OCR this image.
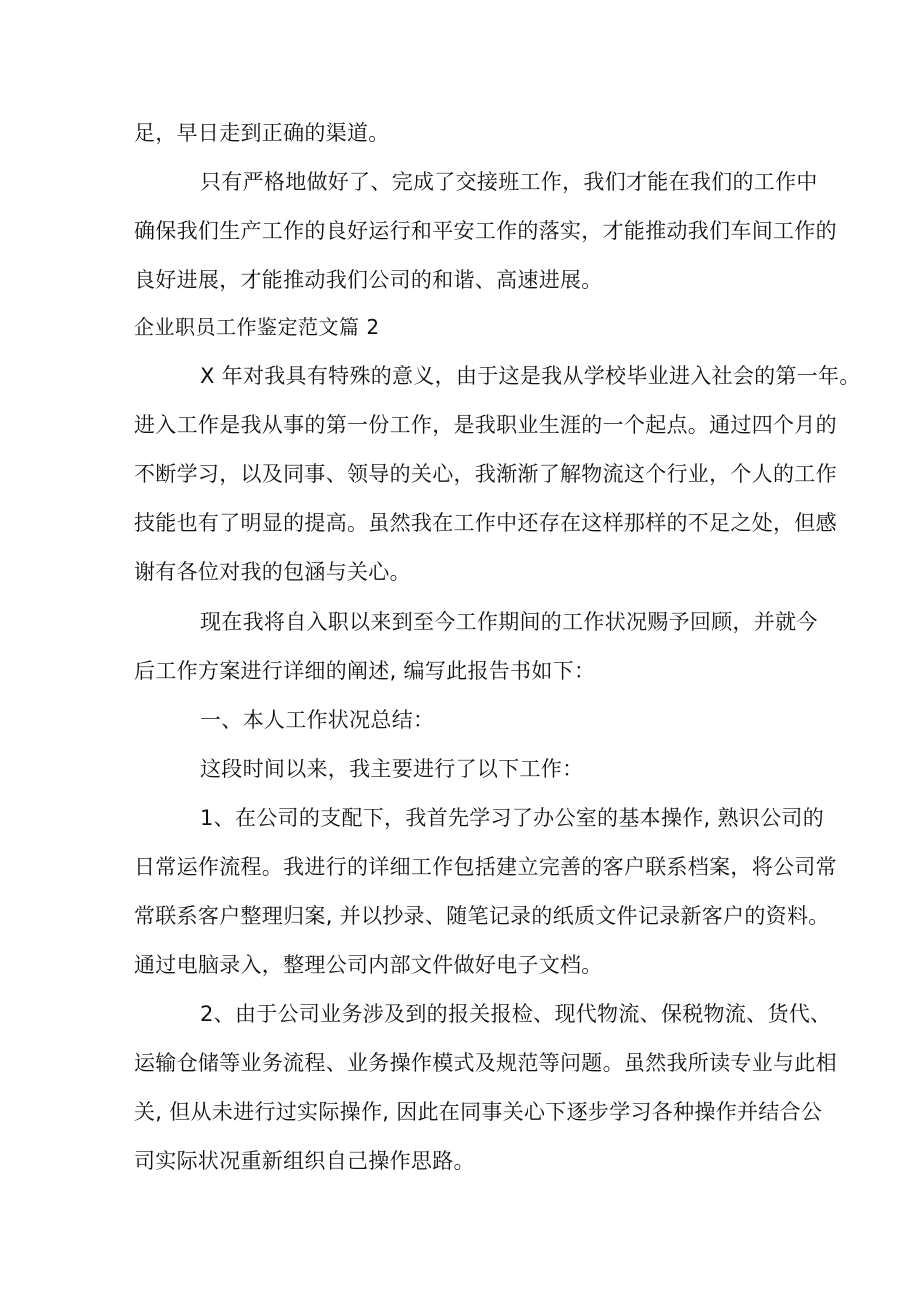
足，早日走到正确的渠道。
只有严格地做好了、完成了交接班工作，我们才能在我们的工作中
确保我们生产工作的良好运行和平安工作的落实，才能推动我们车间工作的
良好进展，才能推动我们公司的和谐、高速进展。
企业职员工作鉴定范文篇 2
X 年对我具有特殊的意义，由于这是我从学校毕业进入社会的第一年。
进入工作是我从事的第一份工作，是我职业生涯的一个起点。通过四个月的
不断学习，以及同事、领导的关心，我渐渐了解物流这个行业，个人的工作
技能也有了明显的提高。虽然我在工作中还存在这样那样的不足之处，但感
谢有各位对我的包涵与关心。
现在我将自入职以来到至今工作期间的工作状况赐予回顾，并就今
后工作方案进行详细的阐述, 编写此报告书如下：
一、本人工作状况总结：
这段时间以来，我主要进行了以下工作：
1、在公司的支配下，我首先学习了办公室的基本操作, 熟识公司的
日常运作流程。我进行的详细工作包括建立完善的客户联系档案，将公司常
常联系客户整理归案, 并以抄录、随笔记录的纸质文件记录新客户的资料。
通过电脑录入，整理公司内部文件做好电子文档。
2、由于公司业务涉及到的报关报检、现代物流、保税物流、货代、
运输仓储等业务流程、业务操作模式及规范等问题。虽然我所读专业与此相
关, 但从未进行过实际操作, 因此在同事关心下逐步学习各种操作并结合公
司实际状况重新组织自己操作思路。
